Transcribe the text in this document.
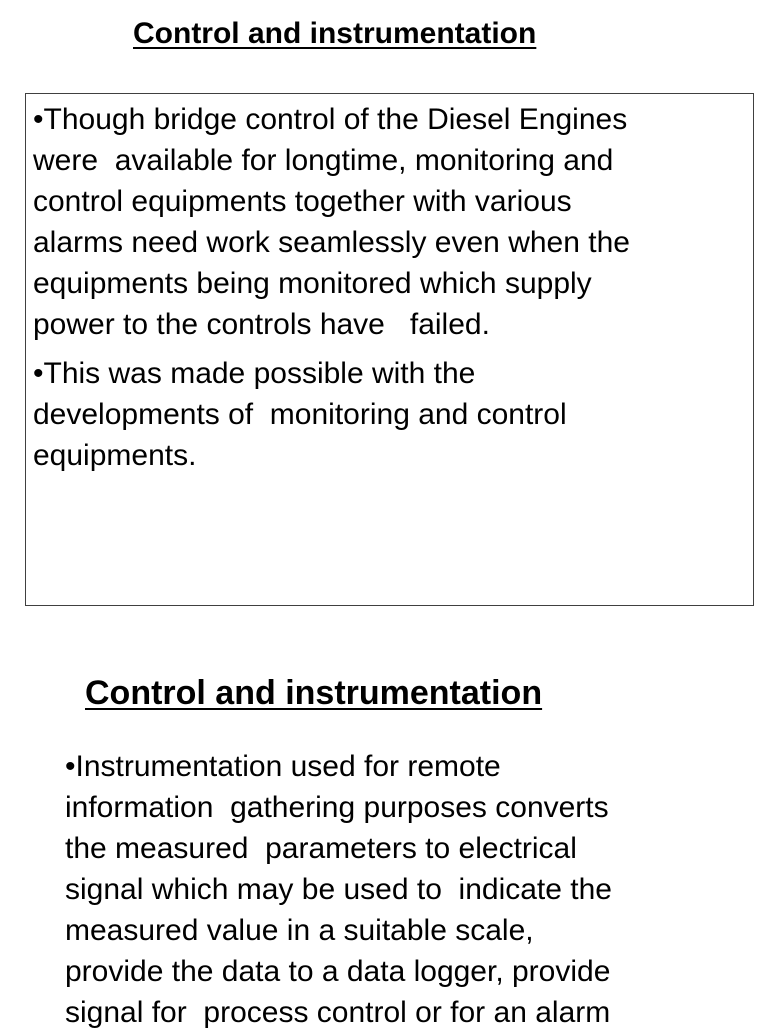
Control and instrumentation

•Though bridge control of the Diesel Engines
were  available for longtime, monitoring and
control equipments together with various
alarms need work seamlessly even when the
equipments being monitored which supply
power to the controls have   failed.

•This was made possible with the
developments of  monitoring and control
equipments.

Control and instrumentation

•Instrumentation used for remote
information  gathering purposes converts
the measured  parameters to electrical
signal which may be used to  indicate the
measured value in a suitable scale,
provide the data to a data logger, provide
signal for  process control or for an alarm
